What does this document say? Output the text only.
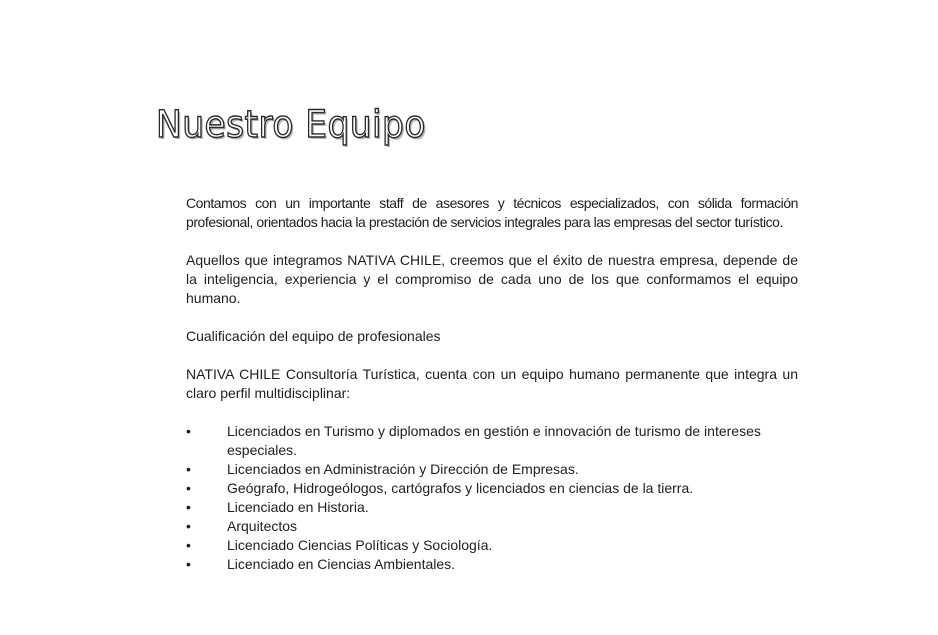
Nuestro Equipo

Contamos con un importante staff de asesores y técnicos especializados, con sólida formación profesional, orientados hacia la prestación de servicios integrales para las empresas del sector turístico.

Aquellos que integramos NATIVA CHILE, creemos que el éxito de nuestra empresa, depende de la inteligencia, experiencia y el compromiso de cada uno de los que conformamos el equipo humano.

Cualificación del equipo de profesionales

NATIVA CHILE Consultoría Turística, cuenta con un equipo humano permanente que integra un claro perfil multidisciplinar:

•	Licenciados en Turismo y diplomados en gestión e innovación de turismo de intereses especiales.
•	Licenciados en Administración y Dirección de Empresas.
•	Geógrafo, Hidrogeólogos, cartógrafos y licenciados en ciencias de la tierra.
•	Licenciado en Historia.
•	Arquitectos
•	Licenciado Ciencias Políticas y Sociología.
•	Licenciado en Ciencias Ambientales.
